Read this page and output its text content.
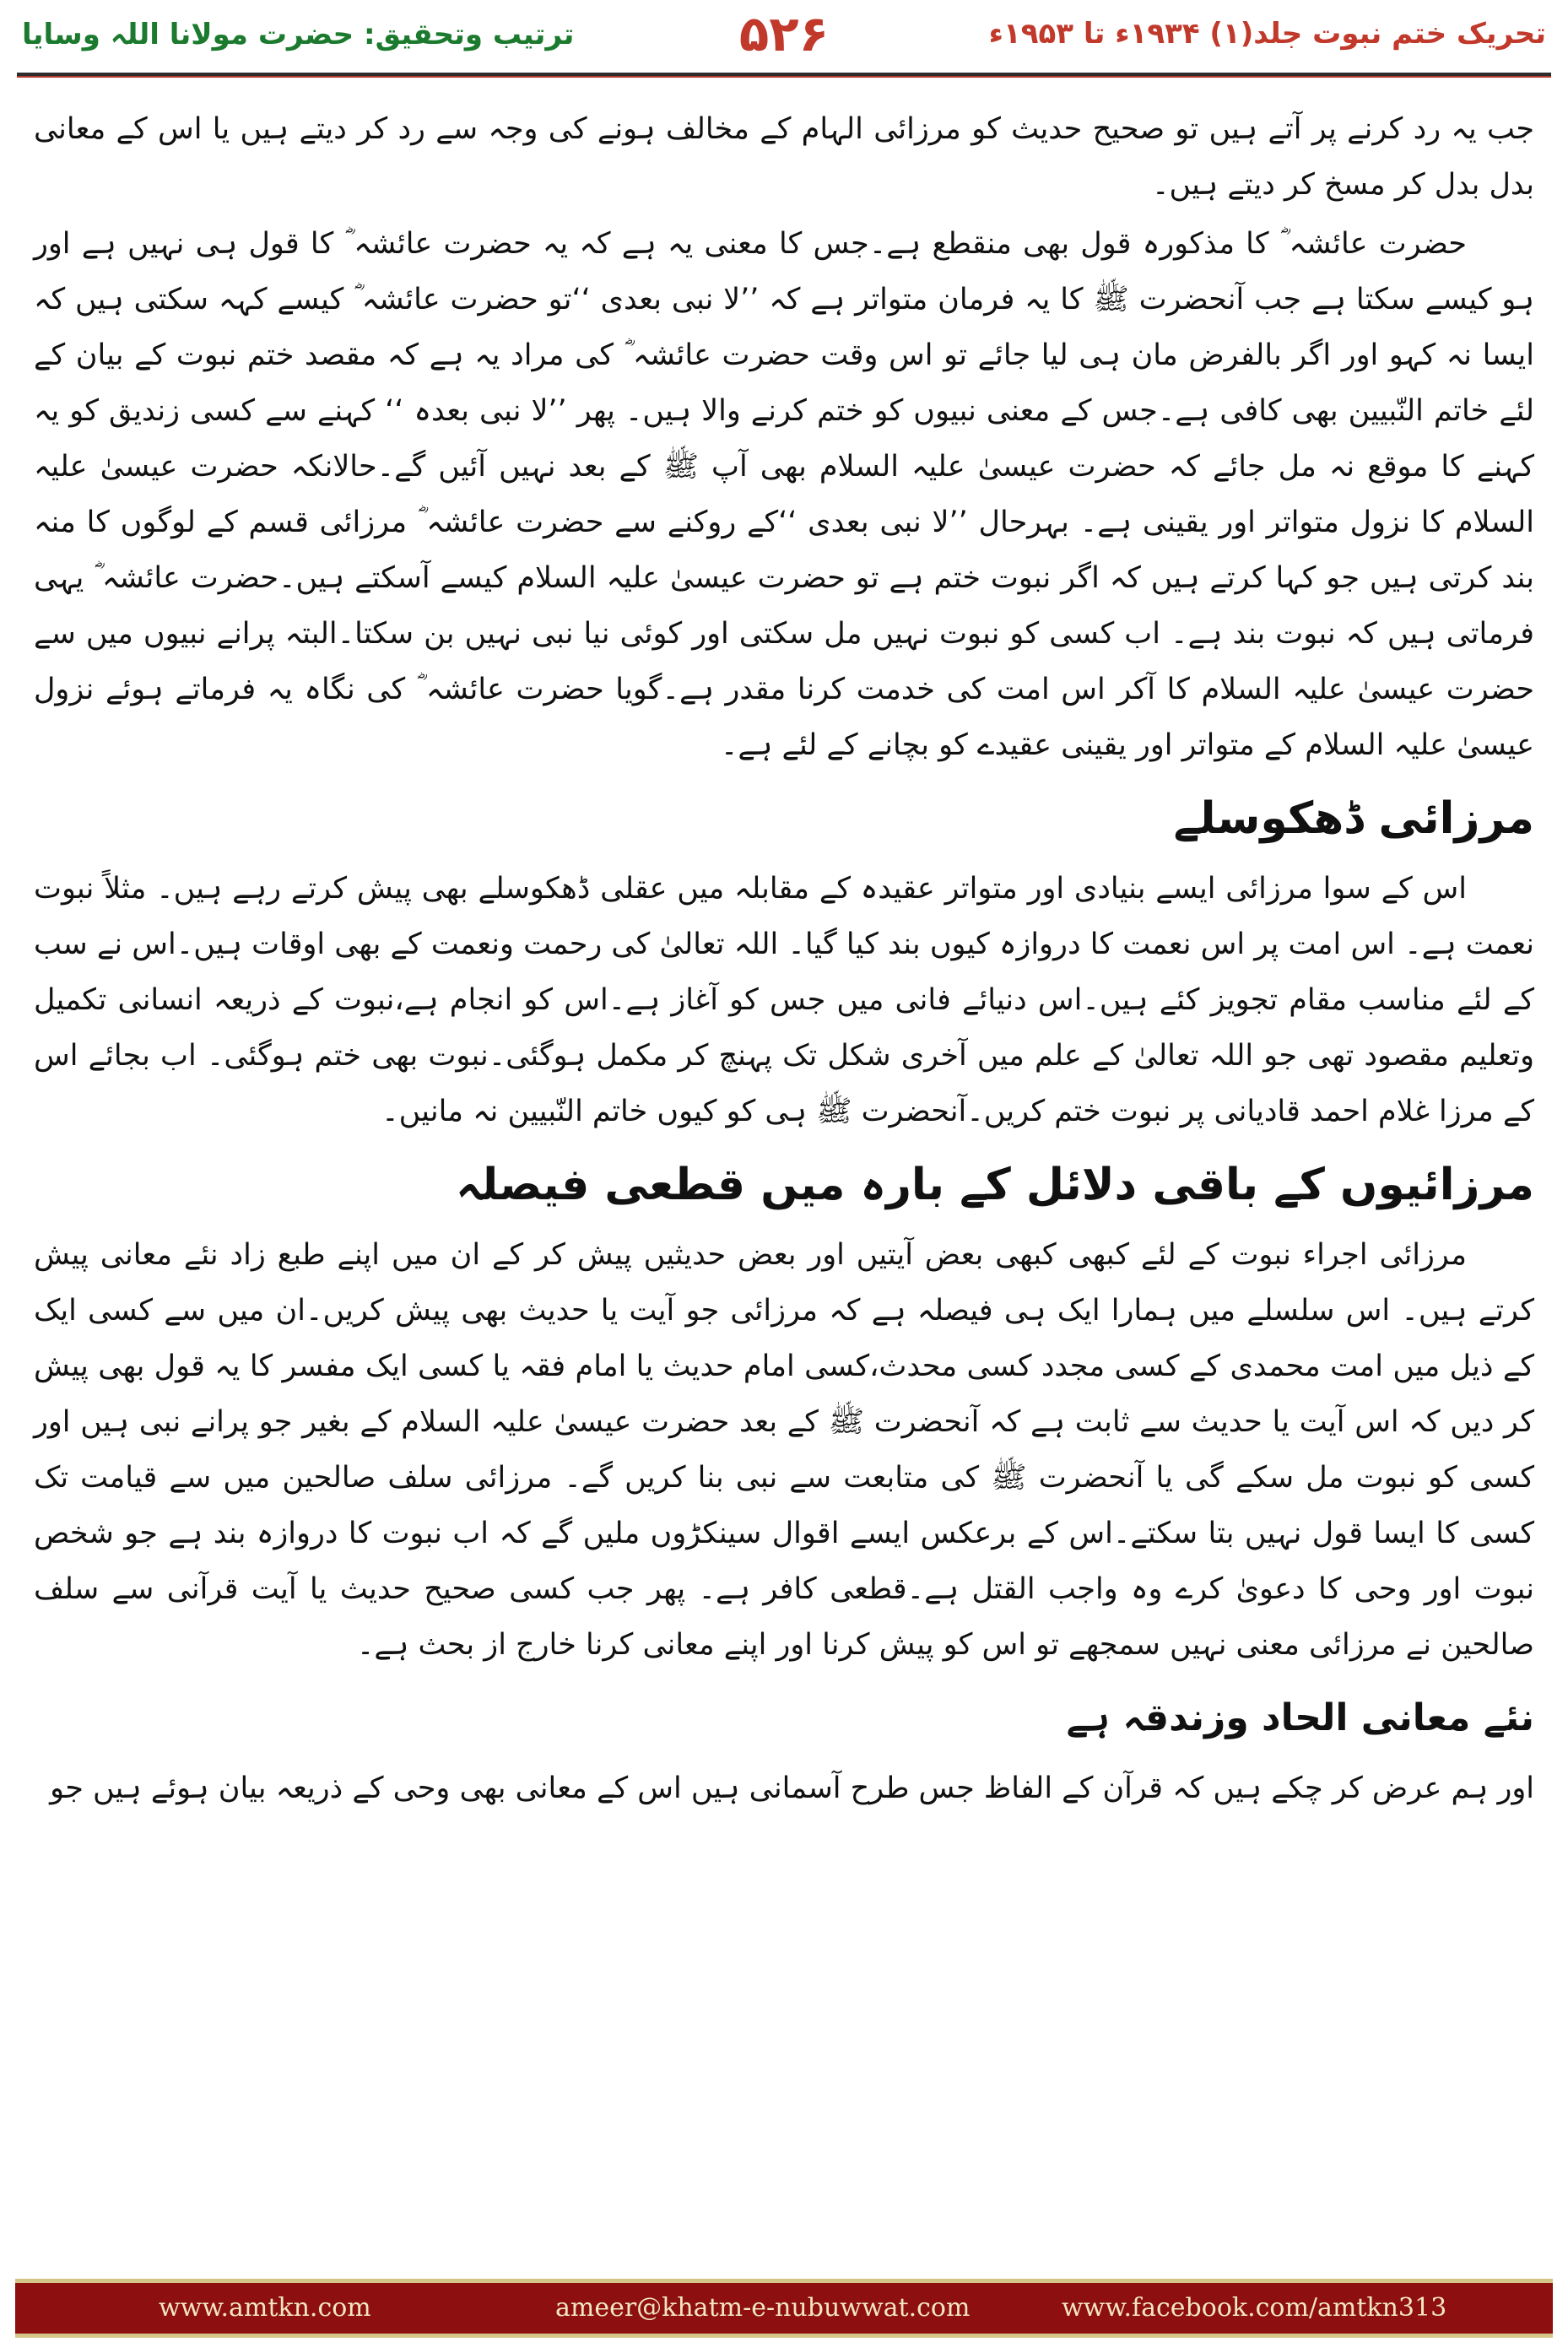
ترتیب وتحقیق: حضرت مولانا اللہ وسایا	۵۲۶	تحریک ختم نبوت جلد(۱) ۱۹۳۴ء تا ۱۹۵۳ء

جب یہ رد کرنے پر آتے ہیں تو صحیح حدیث کو مرزائی الہام کے مخالف ہونے کی وجہ سے رد کر دیتے ہیں یا اس کے معانی بدل بدل کر مسخ کر دیتے ہیں۔

حضرت عائشہ ؓ کا مذکورہ قول بھی منقطع ہے۔جس کا معنی یہ ہے کہ یہ حضرت عائشہ ؓ کا قول ہی نہیں ہے اور ہو کیسے سکتا ہے جب آنحضرت ﷺ کا یہ فرمان متواتر ہے کہ ’’لا نبی بعدی ‘‘تو حضرت عائشہ ؓ کیسے کہہ سکتی ہیں کہ ایسا نہ کہو اور اگر بالفرض مان ہی لیا جائے تو اس وقت حضرت عائشہ ؓ کی مراد یہ ہے کہ مقصد ختم نبوت کے بیان کے لئے خاتم النّبیین بھی کافی ہے۔جس کے معنی نبیوں کو ختم کرنے والا ہیں۔ پھر ’’لا نبی بعدہ ‘‘ کہنے سے کسی زندیق کو یہ کہنے کا موقع نہ مل جائے کہ حضرت عیسیٰ علیہ السلام بھی آپ ﷺ کے بعد نہیں آئیں گے۔حالانکہ حضرت عیسیٰ علیہ السلام کا نزول متواتر اور یقینی ہے۔ بہرحال ’’لا نبی بعدی ‘‘کے روکنے سے حضرت عائشہ ؓ مرزائی قسم کے لوگوں کا منہ بند کرتی ہیں جو کہا کرتے ہیں کہ اگر نبوت ختم ہے تو حضرت عیسیٰ علیہ السلام کیسے آسکتے ہیں۔حضرت عائشہ ؓ یہی فرماتی ہیں کہ نبوت بند ہے۔ اب کسی کو نبوت نہیں مل سکتی اور کوئی نیا نبی نہیں بن سکتا۔البتہ پرانے نبیوں میں سے حضرت عیسیٰ علیہ السلام کا آکر اس امت کی خدمت کرنا مقدر ہے۔گویا حضرت عائشہ ؓ کی نگاہ یہ فرماتے ہوئے نزول عیسیٰ علیہ السلام کے متواتر اور یقینی عقیدے کو بچانے کے لئے ہے۔

مرزائی ڈھکوسلے

اس کے سوا مرزائی ایسے بنیادی اور متواتر عقیدہ کے مقابلہ میں عقلی ڈھکوسلے بھی پیش کرتے رہے ہیں۔ مثلاً نبوت نعمت ہے۔ اس امت پر اس نعمت کا دروازہ کیوں بند کیا گیا۔ اللہ تعالیٰ کی رحمت ونعمت کے بھی اوقات ہیں۔اس نے سب کے لئے مناسب مقام تجویز کئے ہیں۔اس دنیائے فانی میں جس کو آغاز ہے۔اس کو انجام ہے،نبوت کے ذریعہ انسانی تکمیل وتعلیم مقصود تھی جو اللہ تعالیٰ کے علم میں آخری شکل تک پہنچ کر مکمل ہوگئی۔نبوت بھی ختم ہوگئی۔ اب بجائے اس کے مرزا غلام احمد قادیانی پر نبوت ختم کریں۔آنحضرت ﷺ ہی کو کیوں خاتم النّبیین نہ مانیں۔

مرزائیوں کے باقی دلائل کے بارہ میں قطعی فیصلہ

مرزائی اجراء نبوت کے لئے کبھی کبھی بعض آیتیں اور بعض حدیثیں پیش کر کے ان میں اپنے طبع زاد نئے معانی پیش کرتے ہیں۔ اس سلسلے میں ہمارا ایک ہی فیصلہ ہے کہ مرزائی جو آیت یا حدیث بھی پیش کریں۔ان میں سے کسی ایک کے ذیل میں امت محمدی کے کسی مجدد کسی محدث،کسی امام حدیث یا امام فقہ یا کسی ایک مفسر کا یہ قول بھی پیش کر دیں کہ اس آیت یا حدیث سے ثابت ہے کہ آنحضرت ﷺ کے بعد حضرت عیسیٰ علیہ السلام کے بغیر جو پرانے نبی ہیں اور کسی کو نبوت مل سکے گی یا آنحضرت ﷺ کی متابعت سے نبی بنا کریں گے۔ مرزائی سلف صالحین میں سے قیامت تک کسی کا ایسا قول نہیں بتا سکتے۔اس کے برعکس ایسے اقوال سینکڑوں ملیں گے کہ اب نبوت کا دروازہ بند ہے جو شخص نبوت اور وحی کا دعویٰ کرے وہ واجب القتل ہے۔قطعی کافر ہے۔ پھر جب کسی صحیح حدیث یا آیت قرآنی سے سلف صالحین نے مرزائی معنی نہیں سمجھے تو اس کو پیش کرنا اور اپنے معانی کرنا خارج از بحث ہے۔

نئے معانی الحاد وزندقہ ہے

اور ہم عرض کر چکے ہیں کہ قرآن کے الفاظ جس طرح آسمانی ہیں اس کے معانی بھی وحی کے ذریعہ بیان ہوئے ہیں جو

www.amtkn.com	ameer@khatm-e-nubuwwat.com	www.facebook.com/amtkn313
